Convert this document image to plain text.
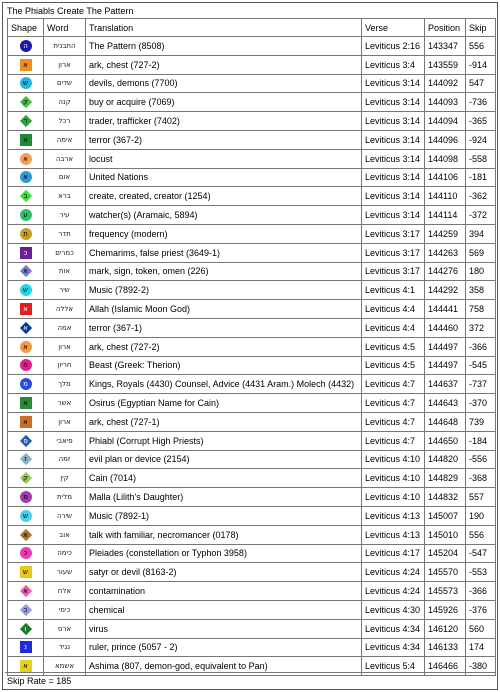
The Phiabls Create The Pattern
Shape	Word	Translation	Verse	Position	Skip

ה	התבנית	The Pattern (8508)	Leviticus 2:16	143347	556

א	ארון	ark, chest (727-2)	Leviticus 3:4	143559	-914

ש	שדים	devils, demons (7700)	Leviticus 3:14	144092	547

ק	קנה	buy or acquire (7069)	Leviticus 3:14	144093	-736

ר	רכל	trader, trafficker (7402)	Leviticus 3:14	144094	-365

א	אימה	terror (367-2)	Leviticus 3:14	144096	-924

א	ארבה	locust	Leviticus 3:14	144098	-558

א	אום	United Nations	Leviticus 3:14	144106	-181

ב	ברא	create, created, creator (1254)	Leviticus 3:14	144110	-362

ע	עיר	watcher(s) (Aramaic, 5894)	Leviticus 3:14	144114	-372

ת	תדר	frequency (modern)	Leviticus 3:17	144259	394

כ	כמרים	Chemarims, false priest (3649-1)	Leviticus 3:17	144263	569

א	אות	mark, sign, token, omen (226)	Leviticus 3:17	144276	180

ש	שיר	Music (7892-2)	Leviticus 4:1	144292	358

א	אללה	Allah (Islamic Moon God)	Leviticus 4:4	144441	758

א	אמה	terror (367-1)	Leviticus 4:4	144460	372

א	ארון	ark, chest (727-2)	Leviticus 4:5	144497	-366

ח	חריון	Beast (Greek: Therion)	Leviticus 4:5	144497	-545

מ	מלך	Kings, Royals (4430) Counsel, Advice (4431 Aram.) Molech (4432)	Leviticus 4:7	144637	-737

א	אשר	Osirus (Egyptian Name for Cain)	Leviticus 4:7	144643	-370

א	ארון	ark, chest (727-1)	Leviticus 4:7	144648	739

פ	פיאבי	Phiabl (Corrupt High Priests)	Leviticus 4:7	144650	-184

ז	זמה	evil plan or device (2154)	Leviticus 4:10	144820	-556

ק	קין	Cain (7014)	Leviticus 4:10	144829	-368

מ	מלית	Malla (Lilith's Daughter)	Leviticus 4:10	144832	557

ש	שירה	Music (7892-1)	Leviticus 4:13	145007	190

א	אוב	talk with familiar, necromancer (0178)	Leviticus 4:13	145010	556

כ	כימה	Pleiades (constellation or Typhon 3958)	Leviticus 4:17	145204	-547

ש	שעור	satyr or devil (8163-2)	Leviticus 4:24	145570	-553

א	אלח	contamination	Leviticus 4:24	145573	-366

כ	כימי	chemical	Leviticus 4:30	145926	-376

ו	ארס	virus	Leviticus 4:34	146120	560

נ	נגיד	ruler, prince (5057 - 2)	Leviticus 4:34	146133	174

א	אשמא	Ashima (807, demon-god, equivalent to Pan)	Leviticus 5:4	146466	-380
Skip Rate = 185
